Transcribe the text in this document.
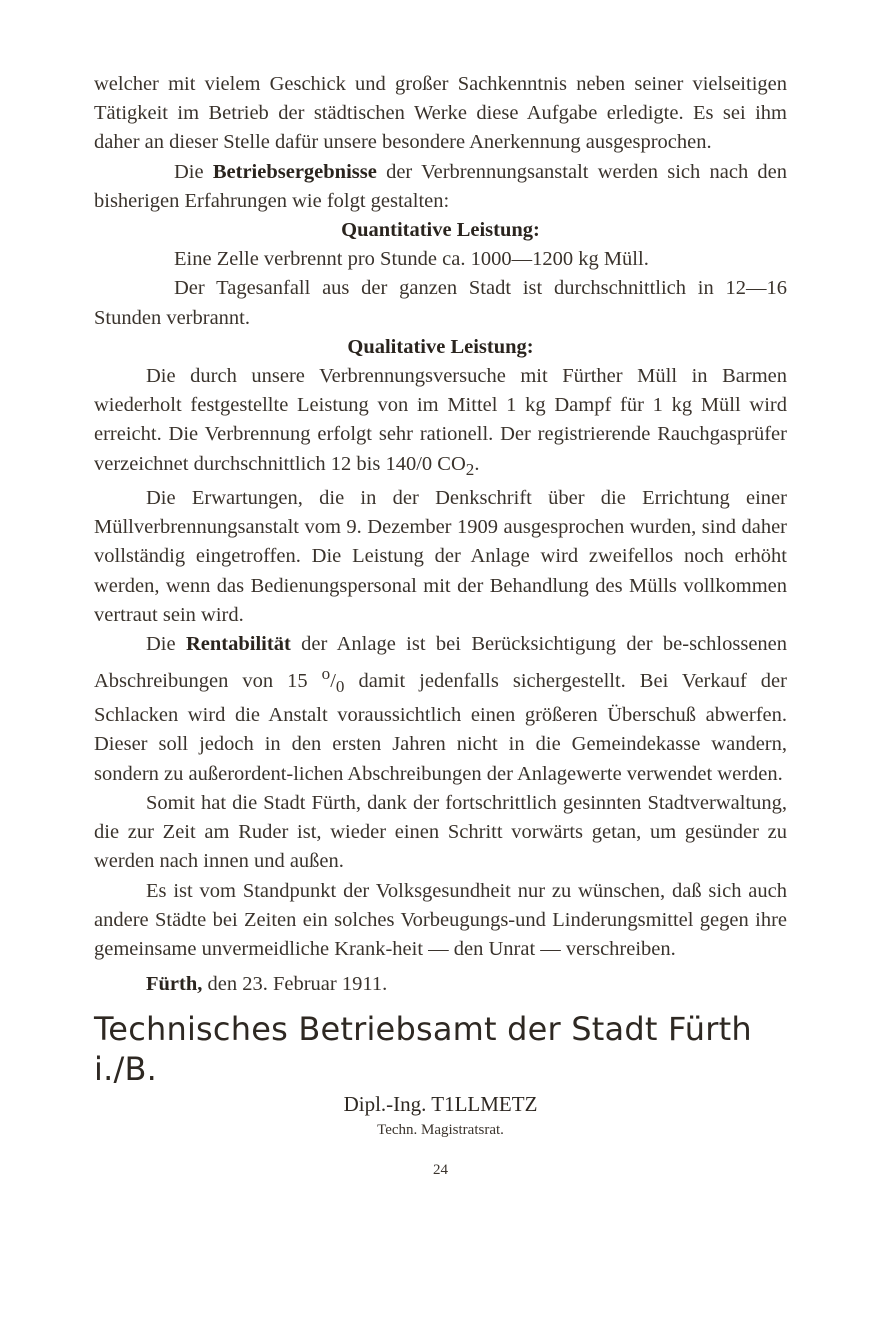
welcher mit vielem Geschick und großer Sachkenntnis neben seiner vielseitigen Tätigkeit im Betrieb der städtischen Werke diese Aufgabe erledigte. Es sei ihm daher an dieser Stelle dafür unsere besondere Anerkennung ausgesprochen.

Die Betriebsergebnisse der Verbrennungsanstalt werden sich nach den bisherigen Erfahrungen wie folgt gestalten:

Quantitative Leistung:

Eine Zelle verbrennt pro Stunde ca. 1000—1200 kg Müll.

Der Tagesanfall aus der ganzen Stadt ist durchschnittlich in 12—16 Stunden verbrannt.

Qualitative Leistung:

Die durch unsere Verbrennungsversuche mit Fürther Müll in Barmen wiederholt festgestellte Leistung von im Mittel 1 kg Dampf für 1 kg Müll wird erreicht. Die Verbrennung erfolgt sehr rationell. Der registrierende Rauchgasprüfer verzeichnet durchschnittlich 12 bis 140/0 $CO_2$.

Die Erwartungen, die in der Denkschrift über die Errichtung einer Müllverbrennungsanstalt vom 9. Dezember 1909 ausgesprochen wurden, sind daher vollständig eingetroffen. Die Leistung der Anlage wird zweifellos noch erhöht werden, wenn das Bedienungspersonal mit der Behandlung des Mülls vollkommen vertraut sein wird.

Die Rentabilität der Anlage ist bei Berücksichtigung der be-schlossenen Abschreibungen von 15 $^o/_0$ damit jedenfalls sichergestellt. Bei Verkauf der Schlacken wird die Anstalt voraussichtlich einen größeren Überschuß abwerfen. Dieser soll jedoch in den ersten Jahren nicht in die Gemeindekasse wandern, sondern zu außerordent-lichen Abschreibungen der Anlagewerte verwendet werden.

Somit hat die Stadt Fürth, dank der fortschrittlich gesinnten Stadtverwaltung, die zur Zeit am Ruder ist, wieder einen Schritt vorwärts getan, um gesünder zu werden nach innen und außen.

Es ist vom Standpunkt der Volksgesundheit nur zu wünschen, daß sich auch andere Städte bei Zeiten ein solches Vorbeugungs-und Linderungsmittel gegen ihre gemeinsame unvermeidliche Krank-heit — den Unrat — verschreiben.

Fürth, den 23. Februar 1911.

Technisches Betriebsamt der Stadt Fürth i./B.
Dipl.-Ing. T1LLMETZ
Techn. Magistratsrat.
24
